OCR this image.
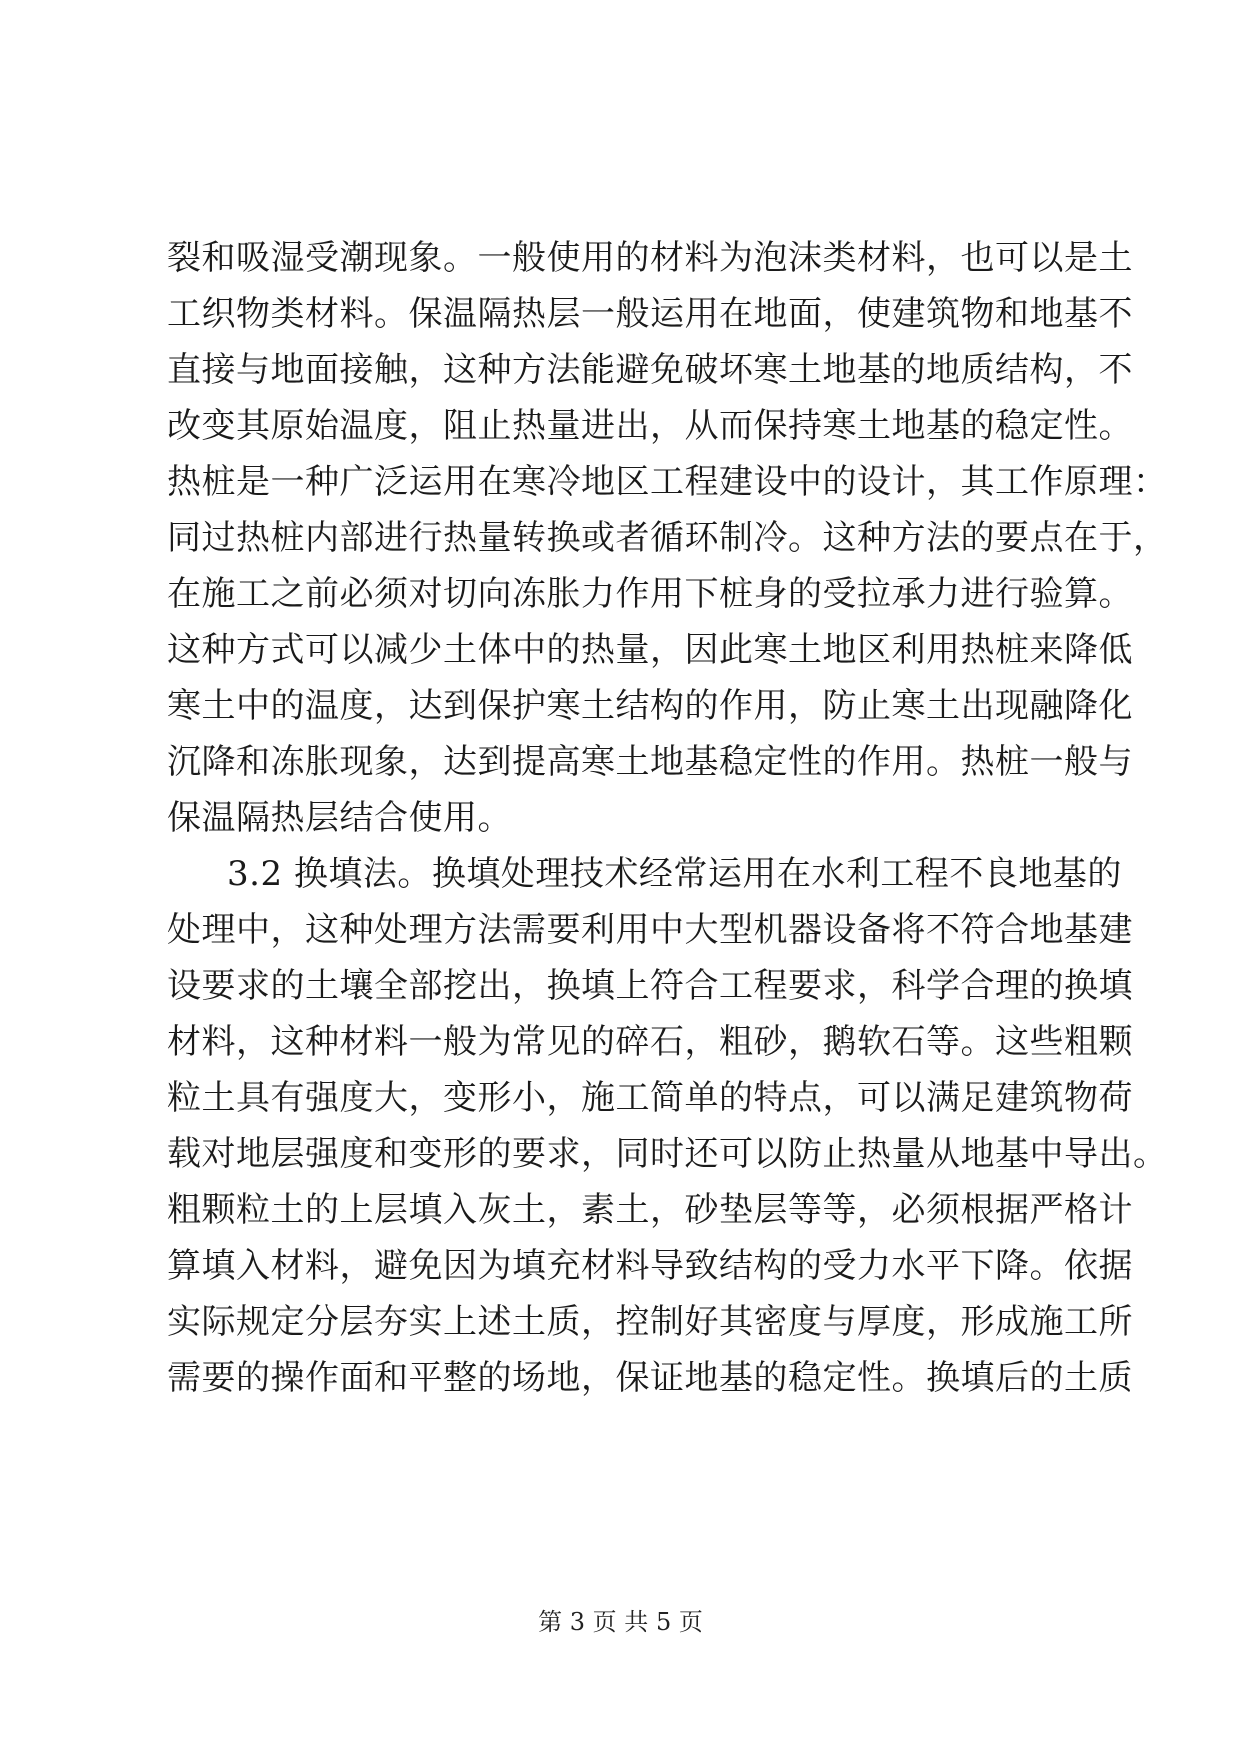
裂和吸湿受潮现象。一般使用的材料为泡沫类材料，也可以是土
工织物类材料。保温隔热层一般运用在地面，使建筑物和地基不
直接与地面接触，这种方法能避免破坏寒土地基的地质结构，不
改变其原始温度，阻止热量进出，从而保持寒土地基的稳定性。
热桩是一种广泛运用在寒冷地区工程建设中的设计，其工作原理：
同过热桩内部进行热量转换或者循环制冷。这种方法的要点在于，
在施工之前必须对切向冻胀力作用下桩身的受拉承力进行验算。
这种方式可以减少土体中的热量，因此寒土地区利用热桩来降低
寒土中的温度，达到保护寒土结构的作用，防止寒土出现融降化
沉降和冻胀现象，达到提高寒土地基稳定性的作用。热桩一般与
保温隔热层结合使用。
3.2 换填法。换填处理技术经常运用在水利工程不良地基的
处理中，这种处理方法需要利用中大型机器设备将不符合地基建
设要求的土壤全部挖出，换填上符合工程要求，科学合理的换填
材料，这种材料一般为常见的碎石，粗砂，鹅软石等。这些粗颗
粒土具有强度大，变形小，施工简单的特点，可以满足建筑物荷
载对地层强度和变形的要求，同时还可以防止热量从地基中导出。
粗颗粒土的上层填入灰土，素土，砂垫层等等，必须根据严格计
算填入材料，避免因为填充材料导致结构的受力水平下降。依据
实际规定分层夯实上述土质，控制好其密度与厚度，形成施工所
需要的操作面和平整的场地，保证地基的稳定性。换填后的土质
第 3 页 共 5 页
